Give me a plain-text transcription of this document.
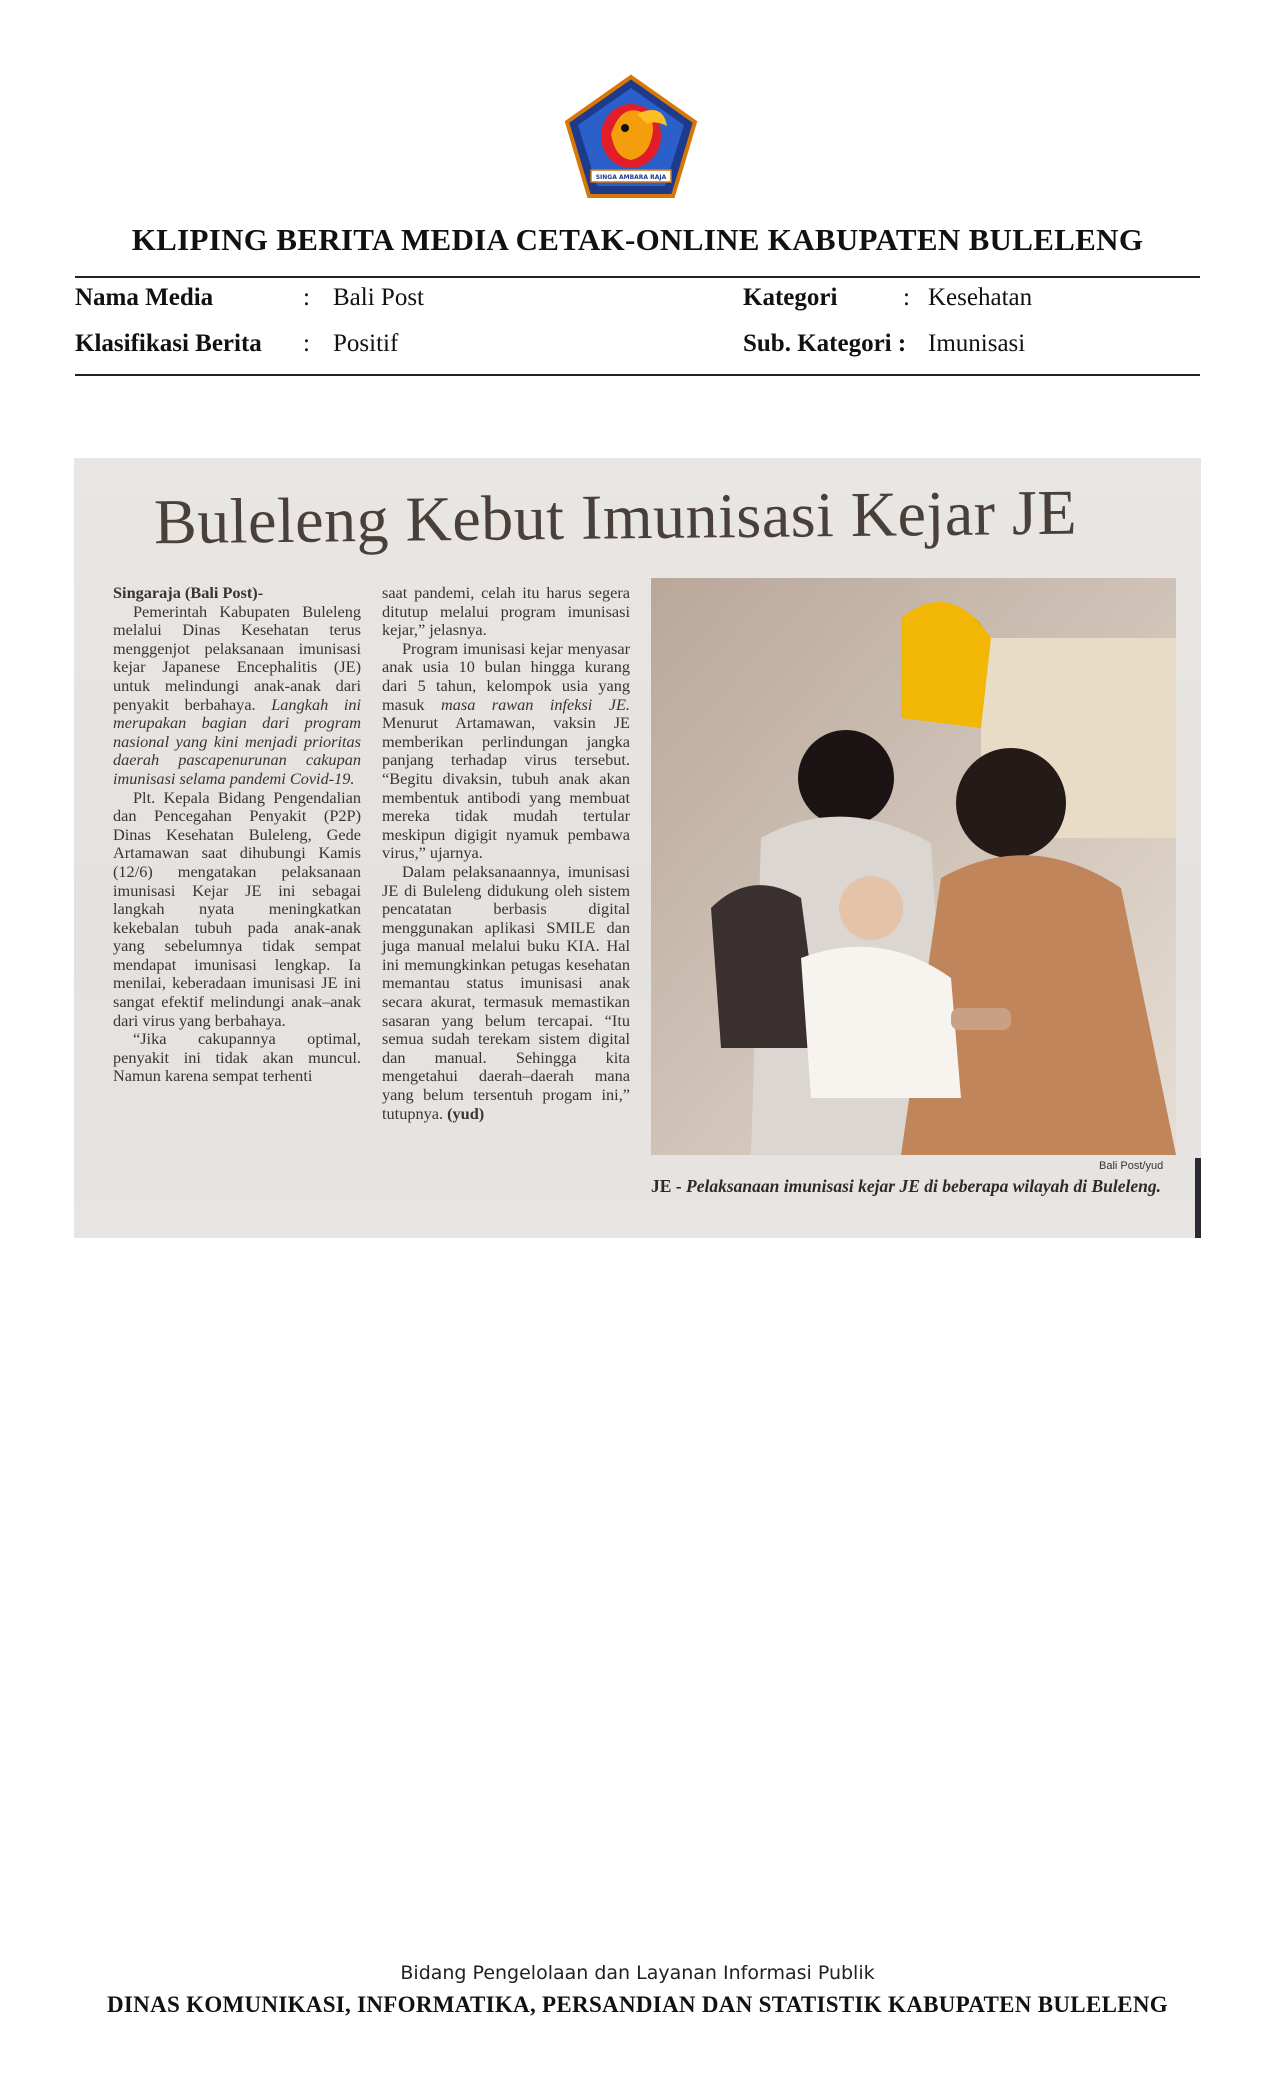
SINGA AMBARA RAJA
KLIPING BERITA MEDIA CETAK-ONLINE KABUPATEN BULELENG
Nama Media	: Bali Post	Kategori	: Kesehatan
Klasifikasi Berita : Positif	Sub. Kategori : Imunisasi
Buleleng Kebut Imunisasi Kejar JE

Singaraja (Bali Post)-

Pemerintah Kabupaten Buleleng melalui Dinas Kesehatan terus menggenjot pelaksanaan imunisasi kejar Japanese Encephalitis (JE) untuk melindungi anak-anak dari penyakit berbahaya. Langkah ini merupakan bagian dari program nasional yang kini menjadi prioritas daerah pascapenurunan cakupan imunisasi selama pandemi Covid-19.

Plt. Kepala Bidang Pengendalian dan Pencegahan Penyakit (P2P) Dinas Kesehatan Buleleng, Gede Artamawan saat dihubungi Kamis (12/6) mengatakan pelaksanaan imunisasi Kejar JE ini sebagai langkah nyata meningkatkan kekebalan tubuh pada anak-anak yang sebelumnya tidak sempat mendapat imunisasi lengkap. Ia menilai, keberadaan imunisasi JE ini sangat efektif melindungi anak–anak dari virus yang berbahaya.

“Jika cakupannya optimal, penyakit ini tidak akan muncul. Namun karena sempat terhenti

saat pandemi, celah itu harus segera ditutup melalui program imunisasi kejar,” jelasnya.

Program imunisasi kejar menyasar anak usia 10 bulan hingga kurang dari 5 tahun, kelompok usia yang masuk masa rawan infeksi JE. Menurut Artamawan, vaksin JE memberikan perlindungan jangka panjang terhadap virus tersebut. “Begitu divaksin, tubuh anak akan membentuk antibodi yang membuat mereka tidak mudah tertular meskipun digigit nyamuk pembawa virus,” ujarnya.

Dalam pelaksanaannya, imunisasi JE di Buleleng didukung oleh sistem pencatatan berbasis digital menggunakan aplikasi SMILE dan juga manual melalui buku KIA. Hal ini memungkinkan petugas kesehatan memantau status imunisasi anak secara akurat, termasuk memastikan sasaran yang belum tercapai. “Itu semua sudah terekam sistem digital dan manual. Sehingga kita mengetahui daerah–daerah mana yang belum tersentuh progam ini,” tutupnya. (yud)

Bali Post/yud
JE - Pelaksanaan imunisasi kejar JE di beberapa wilayah di Buleleng.
Bidang Pengelolaan dan Layanan Informasi Publik
DINAS KOMUNIKASI, INFORMATIKA, PERSANDIAN DAN STATISTIK KABUPATEN BULELENG
